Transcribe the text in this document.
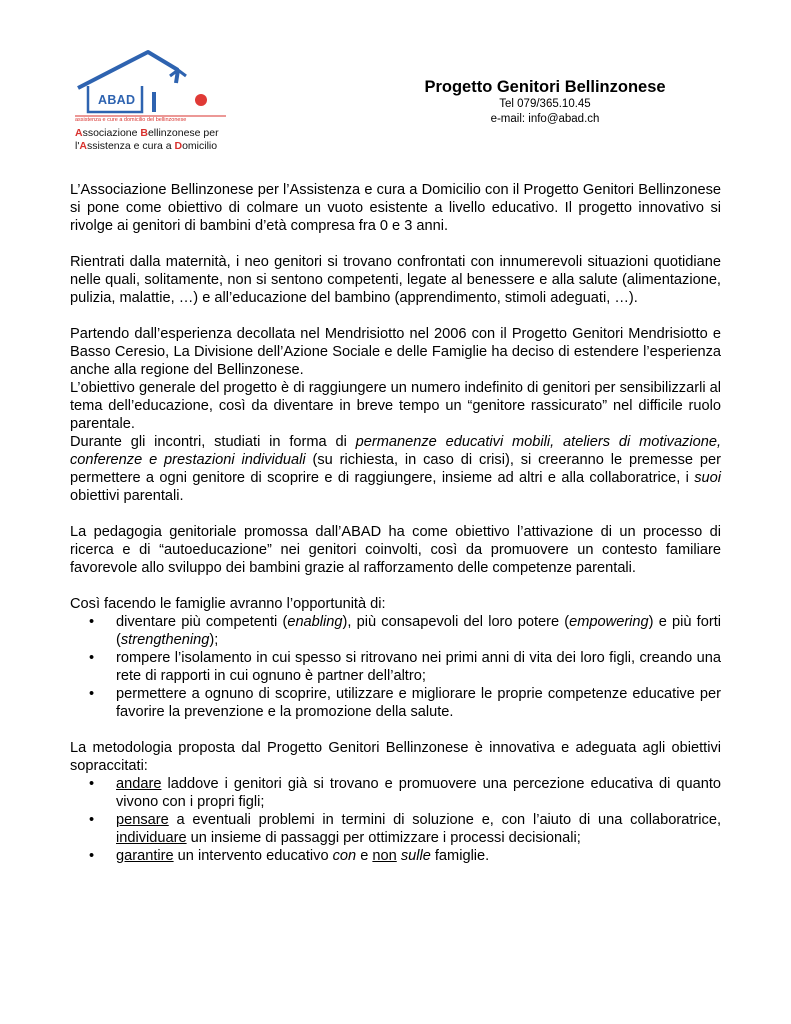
ABAD
assistenza e cure a domicilio del bellinzonese
Associazione Bellinzonese per
l'Assistenza e cura a Domicilio
Progetto Genitori Bellinzonese
Tel 079/365.10.45
e-mail: info@abad.ch

L’Associazione Bellinzonese per l’Assistenza e cura a Domicilio con il Progetto Genitori Bellinzonese si pone come obiettivo di colmare un vuoto esistente a livello educativo. Il progetto innovativo si rivolge ai genitori di bambini d’età compresa fra 0 e 3 anni.

Rientrati dalla maternità, i neo genitori si trovano confrontati con innumerevoli situazioni quotidiane nelle quali, solitamente, non si sentono competenti, legate al benessere e alla salute (alimentazione, pulizia, malattie, …) e all’educazione del bambino (apprendimento, stimoli adeguati, …).

Partendo dall’esperienza decollata nel Mendrisiotto nel 2006 con il Progetto Genitori Mendrisiotto e Basso Ceresio, La Divisione dell’Azione Sociale e delle Famiglie ha deciso di estendere l’esperienza anche alla regione del Bellinzonese.

L’obiettivo generale del progetto è di raggiungere un numero indefinito di genitori per sensibilizzarli al tema dell’educazione, così da diventare in breve tempo un “genitore rassicurato” nel difficile ruolo parentale.

Durante gli incontri, studiati in forma di permanenze educativi mobili, ateliers di motivazione, conferenze e prestazioni individuali (su richiesta, in caso di crisi), si creeranno le premesse per permettere a ogni genitore di scoprire e di raggiungere, insieme ad altri e alla collaboratrice, i suoi obiettivi parentali.

La pedagogia genitoriale promossa dall’ABAD ha come obiettivo l’attivazione di un processo di ricerca e di “autoeducazione” nei genitori coinvolti, così da promuovere un contesto familiare favorevole allo sviluppo dei bambini grazie al rafforzamento delle competenze parentali.

Così facendo le famiglie avranno l’opportunità di:

• diventare più competenti (enabling), più consapevoli del loro potere (empowering) e più forti (strengthening);
• rompere l’isolamento in cui spesso si ritrovano nei primi anni di vita dei loro figli, creando una rete di rapporti in cui ognuno è partner dell’altro;
• permettere a ognuno di scoprire, utilizzare e migliorare le proprie competenze educative per favorire la prevenzione e la promozione della salute.

La metodologia proposta dal Progetto Genitori Bellinzonese è innovativa e adeguata agli obiettivi sopraccitati:

• andare laddove i genitori già si trovano e promuovere una percezione educativa di quanto vivono con i propri figli;
• pensare a eventuali problemi in termini di soluzione e, con l’aiuto di una collaboratrice, individuare un insieme di passaggi per ottimizzare i processi decisionali;
• garantire un intervento educativo con e non sulle famiglie.
